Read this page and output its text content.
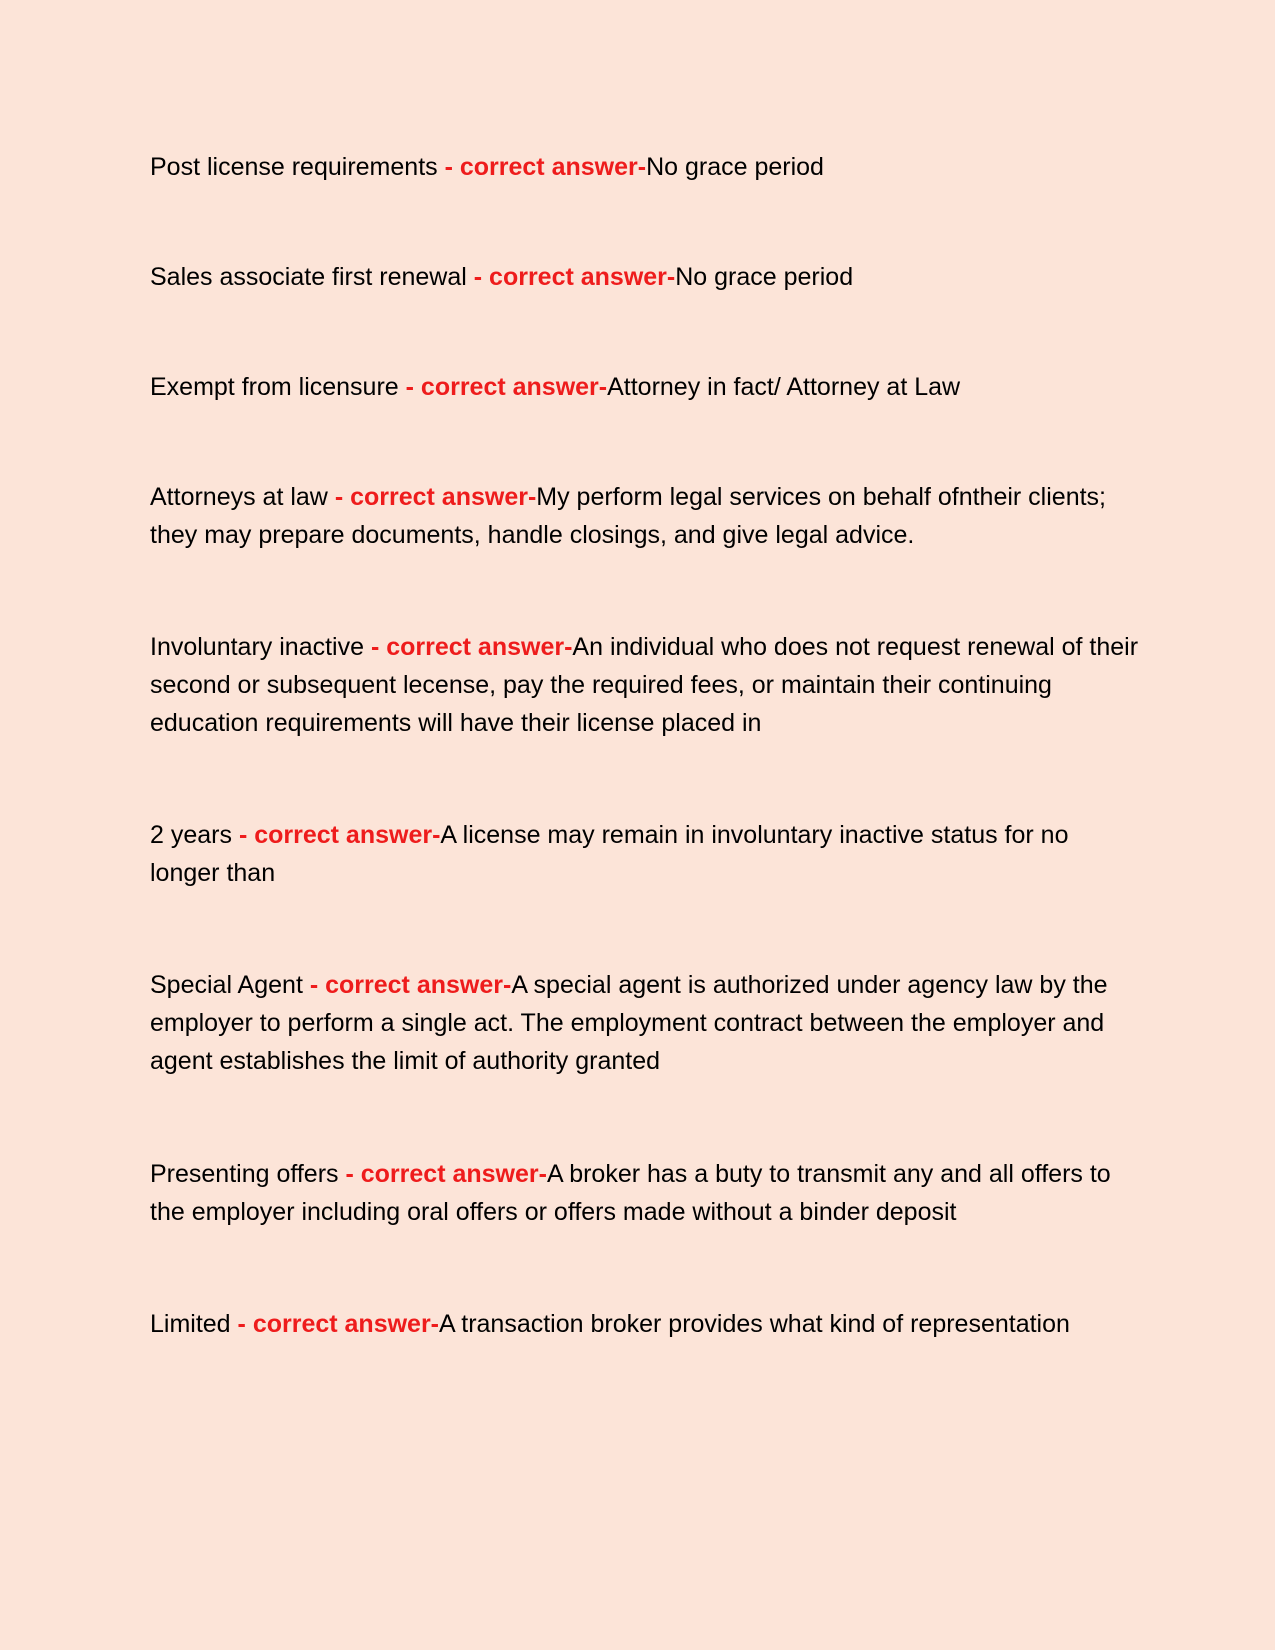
Post license requirements - correct answer-No grace period

Sales associate first renewal - correct answer-No grace period

Exempt from licensure - correct answer-Attorney in fact/ Attorney at Law

Attorneys at law - correct answer-My perform legal services on behalf ofntheir clients; they may prepare documents, handle closings, and give legal advice.

Involuntary inactive - correct answer-An individual who does not request renewal of their second or subsequent lecense, pay the required fees, or maintain their continuing education requirements will have their license placed in

2 years - correct answer-A license may remain in involuntary inactive status for no longer than

Special Agent - correct answer-A special agent is authorized under agency law by the employer to perform a single act. The employment contract between the employer and agent establishes the limit of authority granted

Presenting offers - correct answer-A broker has a buty to transmit any and all offers to the employer including oral offers or offers made without a binder deposit

Limited - correct answer-A transaction broker provides what kind of representation
